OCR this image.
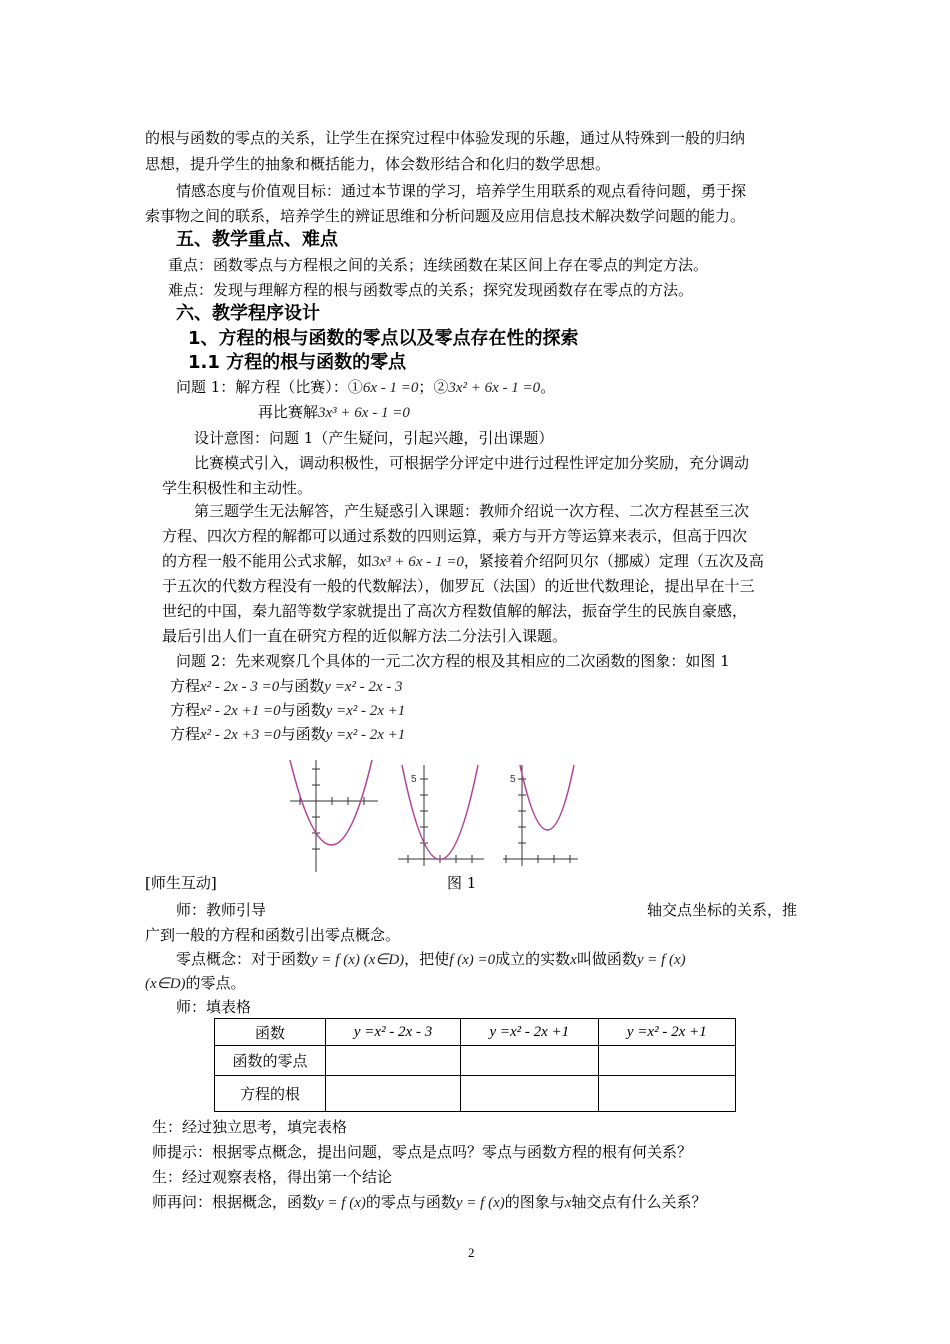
的根与函数的零点的关系，让学生在探究过程中体验发现的乐趣，通过从特殊到一般的归纳
思想，提升学生的抽象和概括能力，体会数形结合和化归的数学思想。
情感态度与价值观目标：通过本节课的学习，培养学生用联系的观点看待问题，勇于探
索事物之间的联系，培养学生的辨证思维和分析问题及应用信息技术解决数学问题的能力。
五、教学重点、难点
重点：函数零点与方程根之间的关系；连续函数在某区间上存在零点的判定方法。
难点：发现与理解方程的根与函数零点的关系；探究发现函数存在零点的方法。
六、教学程序设计
1、方程的根与函数的零点以及零点存在性的探索
1.1 方程的根与函数的零点
问题 1：解方程（比赛）：①6x - 1 =0；②3x² + 6x - 1 =0。
再比赛解3x³ + 6x - 1 =0
设计意图：问题 1（产生疑问，引起兴趣，引出课题）
比赛模式引入，调动积极性，可根据学分评定中进行过程性评定加分奖励，充分调动
学生积极性和主动性。
第三题学生无法解答，产生疑惑引入课题：教师介绍说一次方程、二次方程甚至三次
方程、四次方程的解都可以通过系数的四则运算，乘方与开方等运算来表示，但高于四次
的方程一般不能用公式求解，如3x³ + 6x - 1 =0，紧接着介绍阿贝尔（挪威）定理（五次及高
于五次的代数方程没有一般的代数解法），伽罗瓦（法国）的近世代数理论，提出早在十三
世纪的中国，秦九韶等数学家就提出了高次方程数值解的解法，振奋学生的民族自豪感，
最后引出人们一直在研究方程的近似解方法二分法引入课题。
问题 2：先来观察几个具体的一元二次方程的根及其相应的二次函数的图象：如图 1
方程x² - 2x - 3 =0与函数y =x² - 2x - 3
方程x² - 2x +1 =0与函数y =x² - 2x +1
方程x² - 2x +3 =0与函数y =x² - 2x +1
5	5
[师生互动]	图 1
师：教师引导	轴交点坐标的关系，推
广到一般的方程和函数引出零点概念。
零点概念：对于函数y = f (x) (x∈D)，把使f (x) =0成立的实数x叫做函数y = f (x)
(x∈D)的零点。
师：填表格
函数	y =x² - 2x - 3	y =x² - 2x +1	y =x² - 2x +1
函数的零点			
方程的根			
生：经过独立思考，填完表格
师提示：根据零点概念，提出问题，零点是点吗？零点与函数方程的根有何关系？
生：经过观察表格，得出第一个结论
师再问：根据概念，函数y = f (x)的零点与函数y = f (x)的图象与x轴交点有什么关系？
2
